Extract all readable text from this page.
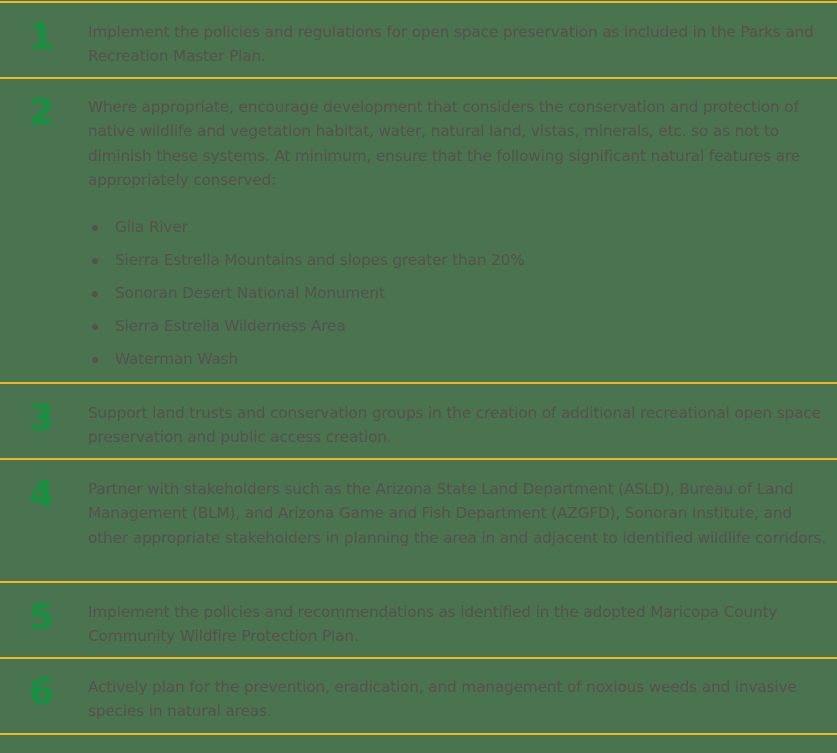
1	Implement the policies and regulations for open space preservation as included in the Parks and Recreation Master Plan.

2	Where appropriate, encourage development that considers the conservation and protection of native wildlife and vegetation habitat, water, natural land, vistas, minerals, etc. so as not to diminish these systems. At minimum, ensure that the following significant natural features are appropriately conserved:

Gila River
Sierra Estrella Mountains and slopes greater than 20%
Sonoran Desert National Monument
Sierra Estrella Wilderness Area
Waterman Wash
3	Support land trusts and conservation groups in the creation of additional recreational open space preservation and public access creation.

4	Partner with stakeholders such as the Arizona State Land Department (ASLD), Bureau of Land Management (BLM), and Arizona Game and Fish Department (AZGFD), Sonoran Institute, and other appropriate stakeholders in planning the area in and adjacent to identified wildlife corridors.

5	Implement the policies and recommendations as identified in the adopted Maricopa County Community Wildfire Protection Plan.

6	Actively plan for the prevention, eradication, and management of noxious weeds and invasive species in natural areas.
